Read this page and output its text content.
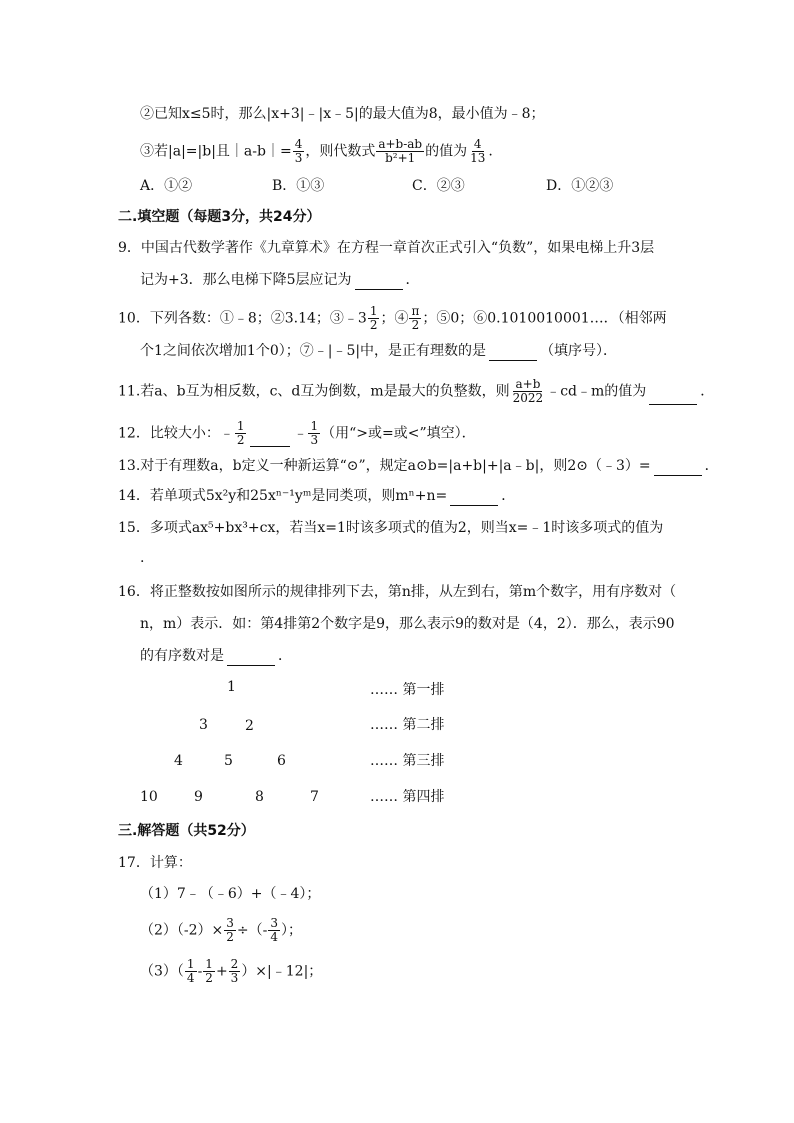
②已知x≤5时，那么|x+3|﹣|x﹣5|的最大值为8，最小值为﹣8；
③若|a|=|b|且｜a-b｜= $\frac{4}{3}$ ，则代数式 $\frac{a+b-ab}{\text{b²+1}}$ 的值为 $\frac{4}{13}$ .
A．①②	B．①③	C．②③	D．①②③
二.填空题（每题3分，共24分）
9．中国古代数学著作《九章算术》在方程一章首次正式引入“负数”，如果电梯上升3层
记为+3．那么电梯下降5层应记为	．
10．下列各数：①﹣8；②3.14；③﹣3 $\frac{1}{2}$ ；④ $\frac{\pi}{2}$ ；⑤0；⑥0.1010010001…．（相邻两
个1之间依次增加1个0）；⑦﹣|﹣5|中，是正有理数的是	（填序号）．
11.若a、b互为相反数，c、d互为倒数，m是最大的负整数，则 $\frac{a+b}{2022}$ ﹣cd﹣m的值为	．
12．比较大小：﹣ $\frac{1}{2}$	﹣ $\frac{1}{3}$ （用“>或=或<”填空）．
13.对于有理数a，b定义一种新运算“⊙”，规定a⊙b=|a+b|+|a﹣b|，则2⊙（﹣3）=	．
14．若单项式5x²y和25xⁿ⁻¹yᵐ是同类项，则mⁿ+n=	．
15．多项式ax⁵+bx³+cx，若当x=1时该多项式的值为2，则当x=﹣1时该多项式的值为
.
16．将正整数按如图所示的规律排列下去，第n排，从左到右，第m个数字，用有序数对（
n，m）表示．如：第4排第2个数字是9，那么表示9的数对是（4，2）．那么，表示90
的有序数对是	．
1	…… 第一排
3	2	…… 第二排
4	5	6	…… 第三排
10	9	8	7	…… 第四排
三.解答题（共52分）
17．计算：
（1）7﹣（﹣6）+（﹣4）；
$(2)(-2)\times \frac{3}{2}$ ÷（- $\frac{3}{4}$ ）；
$(3)( \frac{1}{4} - \frac{1}{2} + \frac{2}{3}$ ）×|﹣12|；
